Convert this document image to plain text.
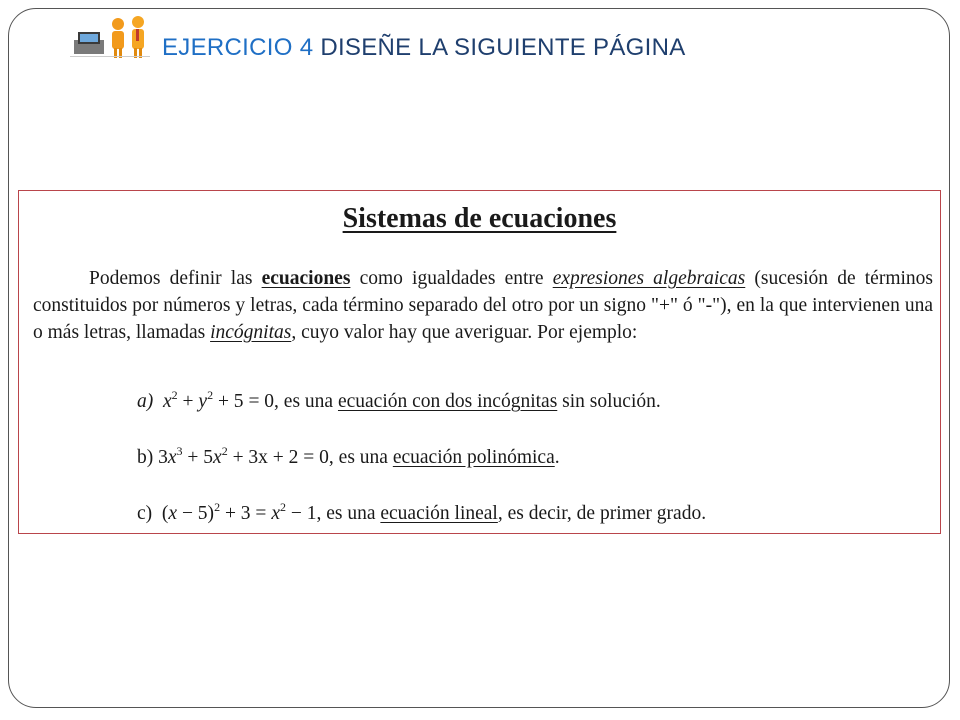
EJERCICIO 4 DISEÑE LA SIGUIENTE PÁGINA
Sistemas de ecuaciones
Podemos definir las ecuaciones como igualdades entre expresiones algebraicas (sucesión de términos constituidos por números y letras, cada término separado del otro por un signo "+" ó "-"), en la que intervienen una o más letras, llamadas incógnitas, cuyo valor hay que averiguar. Por ejemplo:
a) $x^2 + y^2 + 5 = 0$, es una ecuación con dos incógnitas sin solución.
b) $3x^3 + 5x^2 + 3x + 2 = 0$, es una ecuación polinómica.
c)  $(x - 5)^2 + 3 = x^2 - 1$, es una ecuación lineal, es decir, de primer grado.
